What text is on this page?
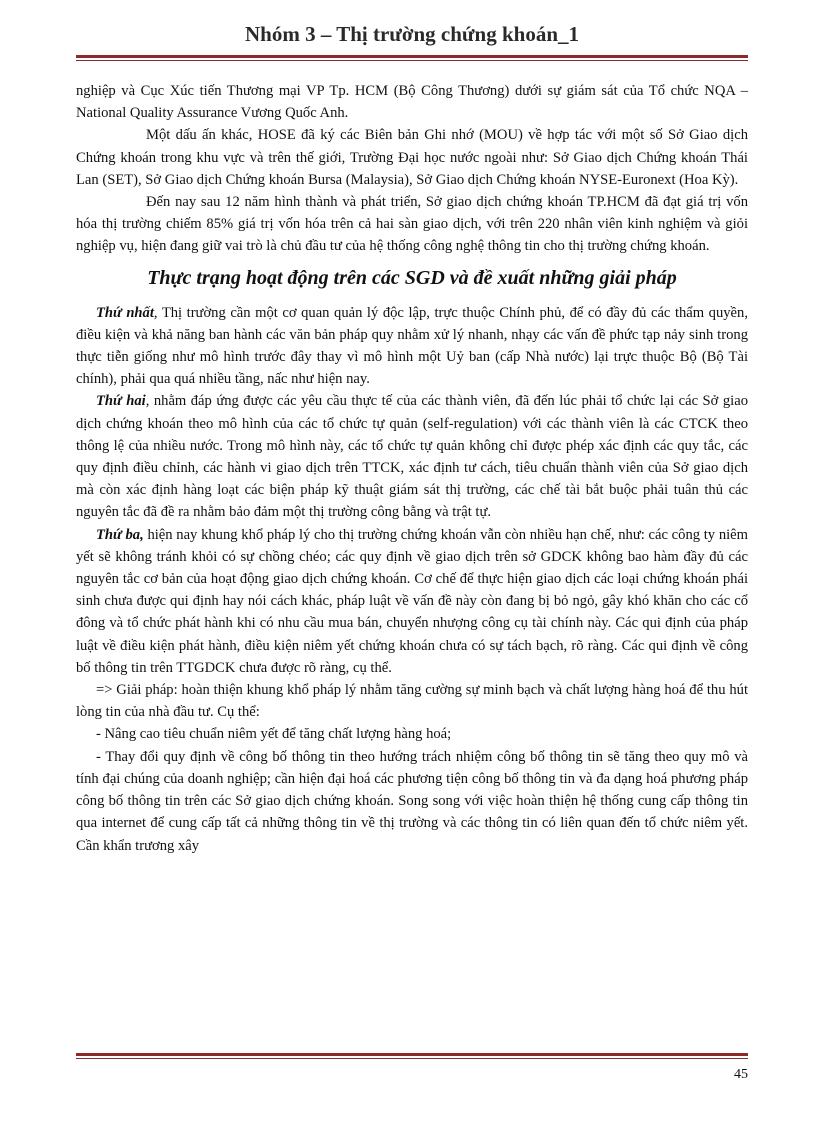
Nhóm 3 – Thị trường chứng khoán_1

nghiệp và Cục Xúc tiến Thương mại VP Tp. HCM (Bộ Công Thương) dưới sự giám sát của Tổ chức NQA – National Quality Assurance Vương Quốc Anh.

Một dấu ấn khác, HOSE đã ký các Biên bản Ghi nhớ (MOU) về hợp tác với một số Sở Giao dịch Chứng khoán trong khu vực và trên thế giới, Trường Đại học nước ngoài như: Sở Giao dịch Chứng khoán Thái Lan (SET), Sở Giao dịch Chứng khoán Bursa (Malaysia), Sở Giao dịch Chứng khoán NYSE-Euronext (Hoa Kỳ).

Đến nay sau 12 năm hình thành và phát triển, Sở giao dịch chứng khoán TP.HCM đã đạt giá trị vốn hóa thị trường chiếm 85% giá trị vốn hóa trên cả hai sàn giao dịch, với trên 220 nhân viên kinh nghiệm và giỏi nghiệp vụ, hiện đang giữ vai trò là chủ đầu tư của hệ thống công nghệ thông tin cho thị trường chứng khoán.

Thực trạng hoạt động trên các SGD và đề xuất những giải pháp

Thứ nhất, Thị trường cần một cơ quan quản lý độc lập, trực thuộc Chính phủ, để có đầy đủ các thẩm quyền, điều kiện và khả năng ban hành các văn bản pháp quy nhằm xử lý nhanh, nhạy các vấn đề phức tạp nảy sinh trong thực tiễn giống như mô hình trước đây thay vì mô hình một Uỷ ban (cấp Nhà nước) lại trực thuộc Bộ (Bộ Tài chính), phải qua quá nhiều tầng, nấc như hiện nay.

Thứ hai, nhằm đáp ứng được các yêu cầu thực tế của các thành viên, đã đến lúc phải tổ chức lại các Sở giao dịch chứng khoán theo mô hình của các tổ chức tự quản (self-regulation) với các thành viên là các CTCK theo thông lệ của nhiều nước. Trong mô hình này, các tổ chức tự quản không chỉ được phép xác định các quy tắc, các quy định điều chỉnh, các hành vi giao dịch trên TTCK, xác định tư cách, tiêu chuẩn thành viên của Sở giao dịch mà còn xác định hàng loạt các biện pháp kỹ thuật giám sát thị trường, các chế tài bắt buộc phải tuân thủ các nguyên tắc đã đề ra nhằm bảo đảm một thị trường công bằng và trật tự.

Thứ ba, hiện nay khung khổ pháp lý cho thị trường chứng khoán vẫn còn nhiều hạn chế, như: các công ty niêm yết sẽ không tránh khỏi có sự chồng chéo; các quy định về giao dịch trên sở GDCK không bao hàm đầy đủ các nguyên tắc cơ bản của hoạt động giao dịch chứng khoán. Cơ chế để thực hiện giao dịch các loại chứng khoán phái sinh chưa được qui định hay nói cách khác, pháp luật về vấn đề này còn đang bị bỏ ngỏ, gây khó khăn cho các cổ đông và tổ chức phát hành khi có nhu cầu mua bán, chuyển nhượng công cụ tài chính này. Các qui định của pháp luật về điều kiện phát hành, điều kiện niêm yết chứng khoán chưa có sự tách bạch, rõ ràng. Các qui định về công bố thông tin trên TTGDCK chưa được rõ ràng, cụ thể.

=> Giải pháp: hoàn thiện khung khổ pháp lý nhằm tăng cường sự minh bạch và chất lượng hàng hoá để thu hút lòng tin của nhà đầu tư. Cụ thể:

- Nâng cao tiêu chuẩn niêm yết để tăng chất lượng hàng hoá;

- Thay đổi quy định về công bố thông tin theo hướng trách nhiệm công bố thông tin sẽ tăng theo quy mô và tính đại chúng của doanh nghiệp; cần hiện đại hoá các phương tiện công bố thông tin và đa dạng hoá phương pháp công bố thông tin trên các Sở giao dịch chứng khoán. Song song với việc hoàn thiện hệ thống cung cấp thông tin qua internet để cung cấp tất cả những thông tin về thị trường và các thông tin có liên quan đến tổ chức niêm yết. Cần khẩn trương xây

45
